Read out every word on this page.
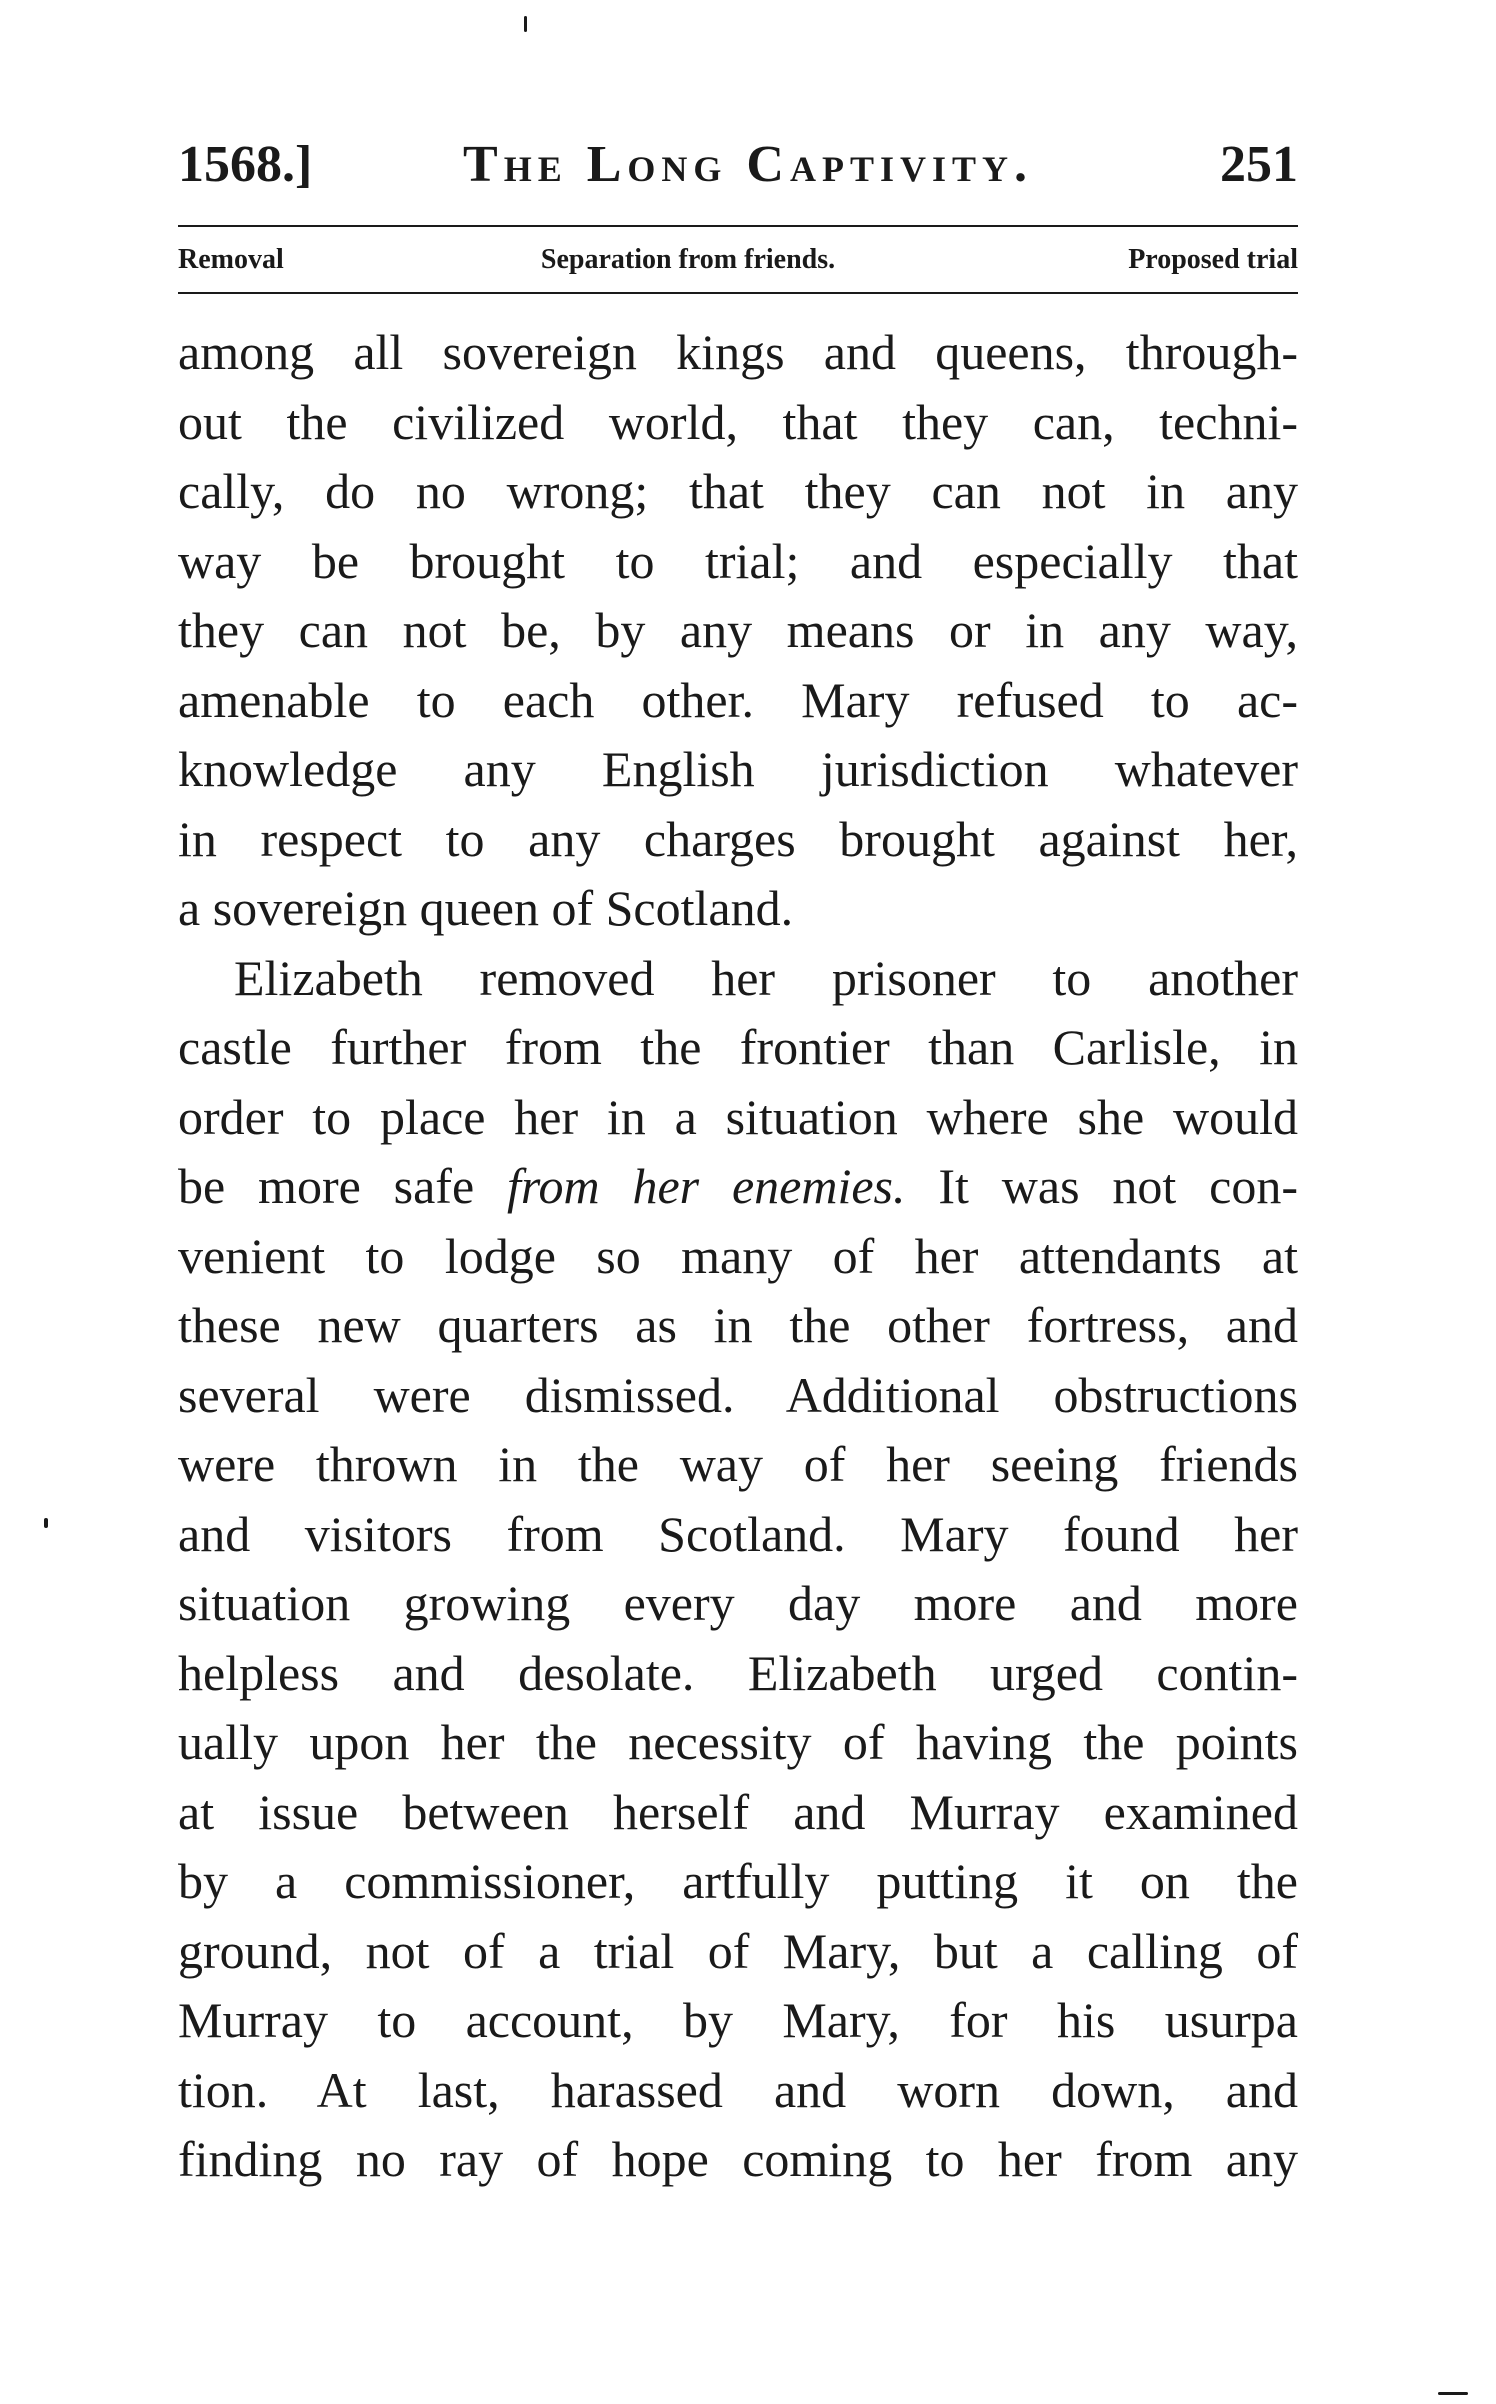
1568.]	The Long Captivity.	251
Removal	Separation from friends.	Proposed trial
among all sovereign kings and queens, through-
out the civilized world, that they can, techni-
cally, do no wrong; that they can not in any
way be brought to trial; and especially that
they can not be, by any means or in any way,
amenable to each other. Mary refused to ac-
knowledge any English jurisdiction whatever
in respect to any charges brought against her,
a sovereign queen of Scotland.
Elizabeth removed her prisoner to another
castle further from the frontier than Carlisle, in
order to place her in a situation where she would
be more safe from her enemies. It was not con-
venient to lodge so many of her attendants at
these new quarters as in the other fortress, and
several were dismissed. Additional obstructions
were thrown in the way of her seeing friends
and visitors from Scotland. Mary found her
situation growing every day more and more
helpless and desolate. Elizabeth urged contin-
ually upon her the necessity of having the points
at issue between herself and Murray examined
by a commissioner, artfully putting it on the
ground, not of a trial of Mary, but a calling of
Murray to account, by Mary, for his usurpa
tion. At last, harassed and worn down, and
finding no ray of hope coming to her from any
